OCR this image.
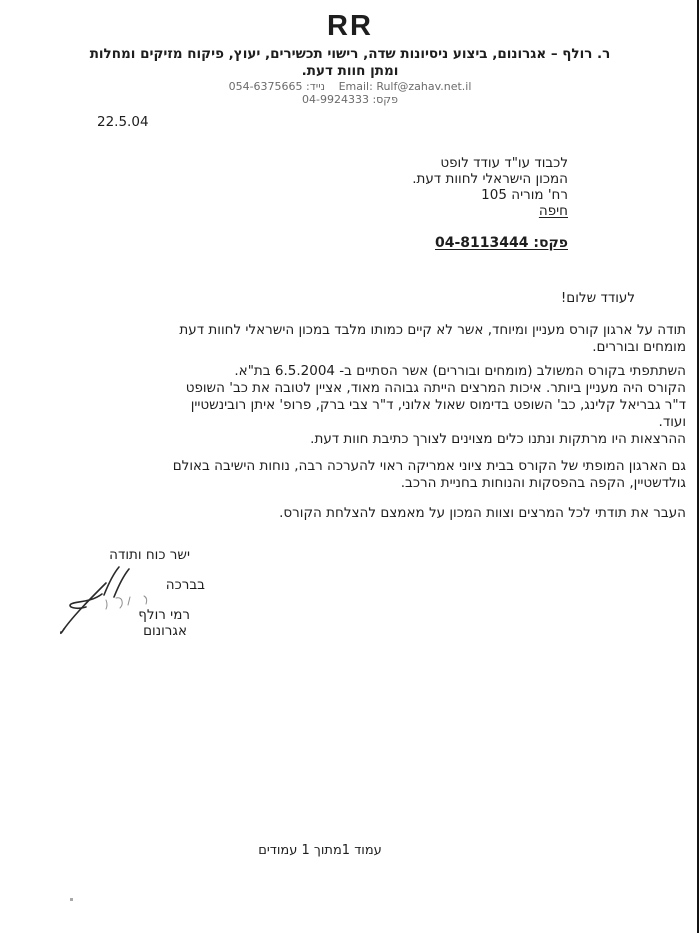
RR
ר. רולף – אגרונום, ביצוע ניסיונות שדה, רישוי תכשירים, יעוץ, פיקוח מזיקים ומחלות
ומתן חוות דעת.
Email: Rulf@zahav.net.il נייד: 054-6375665
פקס: 04-9924333
22.5.04
לכבוד עו"ד עודד לופט
המכון הישראלי לחוות דעת.
רח' מוריה 105
חיפה
פקס: 04-8113444
לעודד שלום!
תודה על ארגון קורס מעניין ומיוחד, אשר לא קיים כמותו מלבד במכון הישראלי לחוות דעת
מומחים ובוררים.
השתתפתי בקורס המשולב (מומחים ובוררים) אשר הסתיים ב- 6.5.2004 בת"א.
הקורס היה מעניין ביותר. איכות המרצים הייתה גבוהה מאוד, אציין לטובה את כב' השופט
ד"ר גבריאל קלינג, כב' השופט בדימוס שאול אלוני, ד"ר צבי ברק, פרופ' איתן רובינשטיין
ועוד.
ההרצאות היו מרתקות ונתנו כלים מצוינים לצורך כתיבת חוות דעת.
גם הארגון המופתי של הקורס בבית ציוני אמריקה ראוי להערכה רבה, נוחות הישיבה באולם
גולדשטיין, הקפה בהפסקות והנוחות בחניית הרכב.
העבר את תודתי לכל המרצים וצוות המכון על מאמצם להצלחת הקורס.
ישר כוח ותודה
בברכה
רמי רולף
אגרונום
עמוד 1מתוך 1 עמודים
